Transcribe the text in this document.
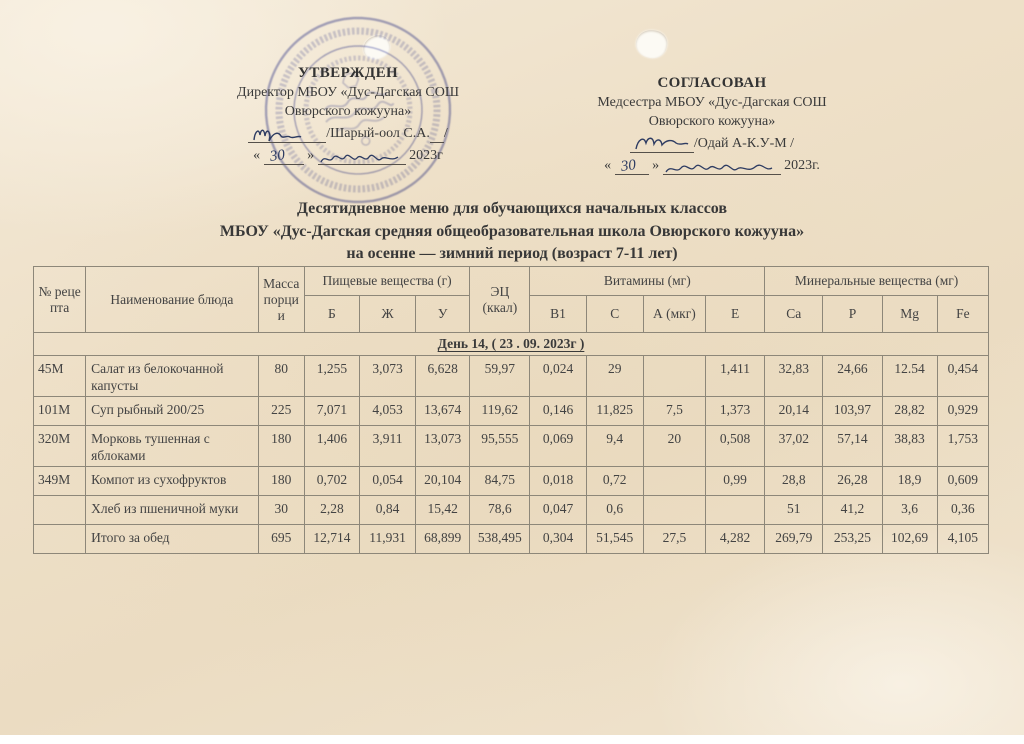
УТВЕРЖДЕН
Директор МБОУ «Дус-Дагская СОШ
Овюрского кожууна»
/Шарый-оол С.А. /
« 30 »	2023г
СОГЛАСОВАН
Медсестра МБОУ «Дус-Дагская СОШ
Овюрского кожууна»
/Одай А-К.У-М /
« 30 »	2023г.
Десятидневное меню для обучающихся начальных классов
МБОУ «Дус-Дагская средняя общеобразовательная школа Овюрского кожууна»
на осенне — зимний период (возраст 7-11 лет)
№ рецепта	Наименование блюда	Масса порции	Пищевые вещества (г)			ЭЦ (ккал)	Витамины (мг)				Минеральные вещества (мг)			
			Б	Ж	У		В1	С	А (мкг)	Е	Са	Р	Mg	Fe
День 14, ( 23 . 09. 2023г )														
45М	Салат из белокочанной капусты	80	1,255	3,073	6,628	59,97	0,024	29		1,411	32,83	24,66	12.54	0,454
101М	Суп рыбный 200/25	225	7,071	4,053	13,674	119,62	0,146	11,825	7,5	1,373	20,14	103,97	28,82	0,929
320М	Морковь тушенная с яблоками	180	1,406	3,911	13,073	95,555	0,069	9,4	20	0,508	37,02	57,14	38,83	1,753
349М	Компот из сухофруктов	180	0,702	0,054	20,104	84,75	0,018	0,72		0,99	28,8	26,28	18,9	0,609
	Хлеб из пшеничной муки	30	2,28	0,84	15,42	78,6	0,047	0,6			51	41,2	3,6	0,36
	Итого за обед	695	12,714	11,931	68,899	538,495	0,304	51,545	27,5	4,282	269,79	253,25	102,69	4,105
